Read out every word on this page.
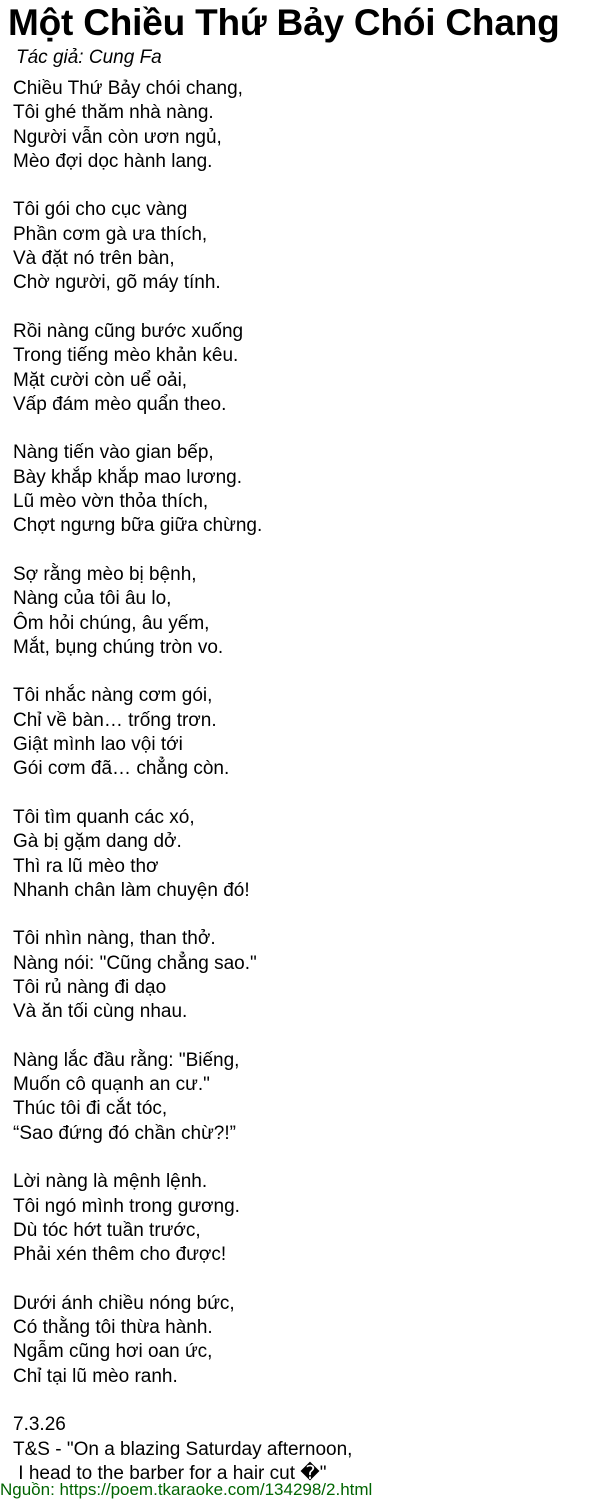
Một Chiều Thứ Bảy Chói Chang
Tác giả: Cung Fa
Chiều Thứ Bảy chói chang,
Tôi ghé thăm nhà nàng.
Người vẫn còn ươn ngủ,
Mèo đợi dọc hành lang.
Tôi gói cho cục vàng
Phần cơm gà ưa thích,
Và đặt nó trên bàn,
Chờ người, gõ máy tính.
Rồi nàng cũng bước xuống
Trong tiếng mèo khản kêu.
Mặt cười còn uể oải,
Vấp đám mèo quẩn theo.
Nàng tiến vào gian bếp,
Bày khắp khắp mao lương.
Lũ mèo vờn thỏa thích,
Chợt ngưng bữa giữa chừng.
Sợ rằng mèo bị bệnh,
Nàng của tôi âu lo,
Ôm hỏi chúng, âu yếm,
Mắt, bụng chúng tròn vo.
Tôi nhắc nàng cơm gói,
Chỉ về bàn… trống trơn.
Giật mình lao vội tới
Gói cơm đã… chẳng còn.
Tôi tìm quanh các xó,
Gà bị gặm dang dở.
Thì ra lũ mèo thơ
Nhanh chân làm chuyện đó!
Tôi nhìn nàng, than thở.
Nàng nói: "Cũng chẳng sao."
Tôi rủ nàng đi dạo
Và ăn tối cùng nhau.
Nàng lắc đầu rằng: "Biếng,
Muốn cô quạnh an cư."
Thúc tôi đi cắt tóc,
“Sao đứng đó chần chừ?!”
Lời nàng là mệnh lệnh.
Tôi ngó mình trong gương.
Dù tóc hớt tuần trước,
Phải xén thêm cho được!
Dưới ánh chiều nóng bức,
Có thằng tôi thừa hành.
Ngẫm cũng hơi oan ức,
Chỉ tại lũ mèo ranh.
7.3.26
T&S - "On a blazing Saturday afternoon,
I head to the barber for a hair cut �"
Nguồn: https://poem.tkaraoke.com/134298/2.html
